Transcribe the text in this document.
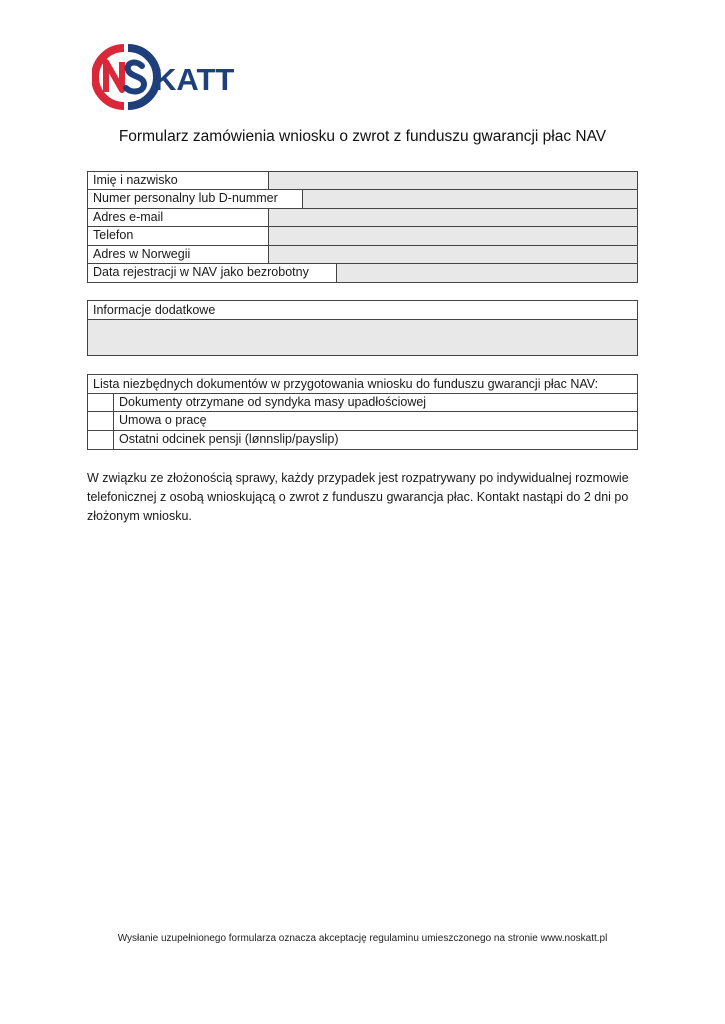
KATT
Formularz zamówienia wniosku o zwrot z funduszu gwarancji płac NAV
Imię i nazwisko
Numer personalny lub D-nummer
Adres e-mail
Telefon
Adres w Norwegii
Data rejestracji w NAV jako bezrobotny
Informacje dodatkowe
Lista niezbędnych dokumentów w przygotowania wniosku do funduszu gwarancji płac NAV:
Dokumenty otrzymane od syndyka masy upadłościowej
Umowa o pracę
Ostatni odcinek pensji (lønnslip/payslip)

W związku ze złożonością sprawy, każdy przypadek jest rozpatrywany po indywidualnej rozmowie telefonicznej z osobą wnioskującą o zwrot z funduszu gwarancja płac. Kontakt nastąpi do 2 dni po złożonym wniosku.

Wysłanie uzupełnionego formularza oznacza akceptację regulaminu umieszczonego na stronie www.noskatt.pl
